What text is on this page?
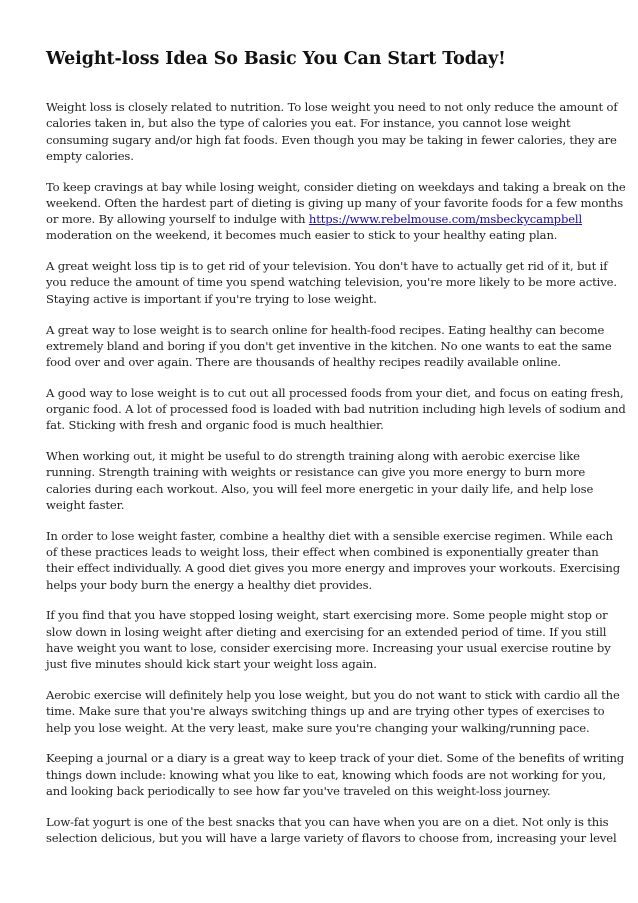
Weight-loss Idea So Basic You Can Start Today!

Weight loss is closely related to nutrition. To lose weight you need to not only reduce the amount of
calories taken in, but also the type of calories you eat. For instance, you cannot lose weight
consuming sugary and/or high fat foods. Even though you may be taking in fewer calories, they are
empty calories.

To keep cravings at bay while losing weight, consider dieting on weekdays and taking a break on the
weekend. Often the hardest part of dieting is giving up many of your favorite foods for a few months
or more. By allowing yourself to indulge with https://www.rebelmouse.com/msbeckycampbell
moderation on the weekend, it becomes much easier to stick to your healthy eating plan.

A great weight loss tip is to get rid of your television. You don't have to actually get rid of it, but if
you reduce the amount of time you spend watching television, you're more likely to be more active.
Staying active is important if you're trying to lose weight.

A great way to lose weight is to search online for health-food recipes. Eating healthy can become
extremely bland and boring if you don't get inventive in the kitchen. No one wants to eat the same
food over and over again. There are thousands of healthy recipes readily available online.

A good way to lose weight is to cut out all processed foods from your diet, and focus on eating fresh,
organic food. A lot of processed food is loaded with bad nutrition including high levels of sodium and
fat. Sticking with fresh and organic food is much healthier.

When working out, it might be useful to do strength training along with aerobic exercise like
running. Strength training with weights or resistance can give you more energy to burn more
calories during each workout. Also, you will feel more energetic in your daily life, and help lose
weight faster.

In order to lose weight faster, combine a healthy diet with a sensible exercise regimen. While each
of these practices leads to weight loss, their effect when combined is exponentially greater than
their effect individually. A good diet gives you more energy and improves your workouts. Exercising
helps your body burn the energy a healthy diet provides.

If you find that you have stopped losing weight, start exercising more. Some people might stop or
slow down in losing weight after dieting and exercising for an extended period of time. If you still
have weight you want to lose, consider exercising more. Increasing your usual exercise routine by
just five minutes should kick start your weight loss again.

Aerobic exercise will definitely help you lose weight, but you do not want to stick with cardio all the
time. Make sure that you're always switching things up and are trying other types of exercises to
help you lose weight. At the very least, make sure you're changing your walking/running pace.

Keeping a journal or a diary is a great way to keep track of your diet. Some of the benefits of writing
things down include: knowing what you like to eat, knowing which foods are not working for you,
and looking back periodically to see how far you've traveled on this weight-loss journey.

Low-fat yogurt is one of the best snacks that you can have when you are on a diet. Not only is this
selection delicious, but you will have a large variety of flavors to choose from, increasing your level
